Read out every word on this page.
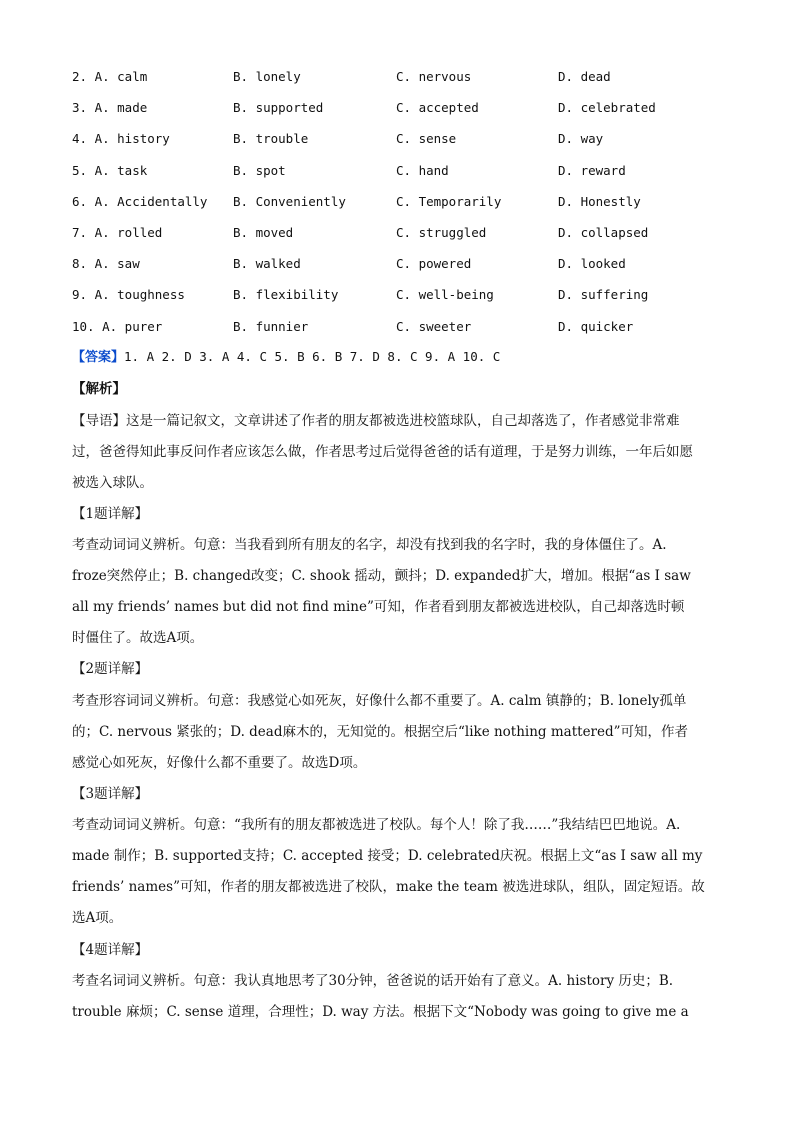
2. A. calm	B. lonely	C. nervous	D. dead
3. A. made	B. supported	C. accepted	D. celebrated
4. A. history	B. trouble	C. sense	D. way
5. A. task	B. spot	C. hand	D. reward
6. A. Accidentally B. Conveniently	C. Temporarily	D. Honestly
7. A. rolled	B. moved	C. struggled	D. collapsed
8. A. saw	B. walked	C. powered	D. looked
9. A. toughness	B. flexibility	C. well-being	D. suffering
10. A. purer	B. funnier	C. sweeter	D. quicker
【答案】1. A 2. D 3. A 4. C 5. B 6. B 7. D 8. C 9. A 10. C
【解析】
【导语】这是一篇记叙文，文章讲述了作者的朋友都被选进校篮球队，自己却落选了，作者感觉非常难
过，爸爸得知此事反问作者应该怎么做，作者思考过后觉得爸爸的话有道理，于是努力训练，一年后如愿
被选入球队。
【1题详解】
考查动词词义辨析。句意：当我看到所有朋友的名字，却没有找到我的名字时，我的身体僵住了。A.
froze突然停止；B. changed改变；C. shook 摇动，颤抖；D. expanded扩大，增加。根据“as I saw
all my friends’ names but did not find mine”可知，作者看到朋友都被选进校队，自己却落选时顿
时僵住了。故选A项。
【2题详解】
考查形容词词义辨析。句意：我感觉心如死灰，好像什么都不重要了。A. calm 镇静的；B. lonely孤单
的；C. nervous 紧张的；D. dead麻木的，无知觉的。根据空后“like nothing mattered”可知，作者
感觉心如死灰，好像什么都不重要了。故选D项。
【3题详解】
考查动词词义辨析。句意：“我所有的朋友都被选进了校队。每个人！除了我……”我结结巴巴地说。A.
made 制作；B. supported支持；C. accepted 接受；D. celebrated庆祝。根据上文“as I saw all my
friends’ names”可知，作者的朋友都被选进了校队，make the team 被选进球队，组队，固定短语。故
选A项。
【4题详解】
考查名词词义辨析。句意：我认真地思考了30分钟，爸爸说的话开始有了意义。A. history 历史；B.
trouble 麻烦；C. sense 道理，合理性；D. way 方法。根据下文“Nobody was going to give me a
